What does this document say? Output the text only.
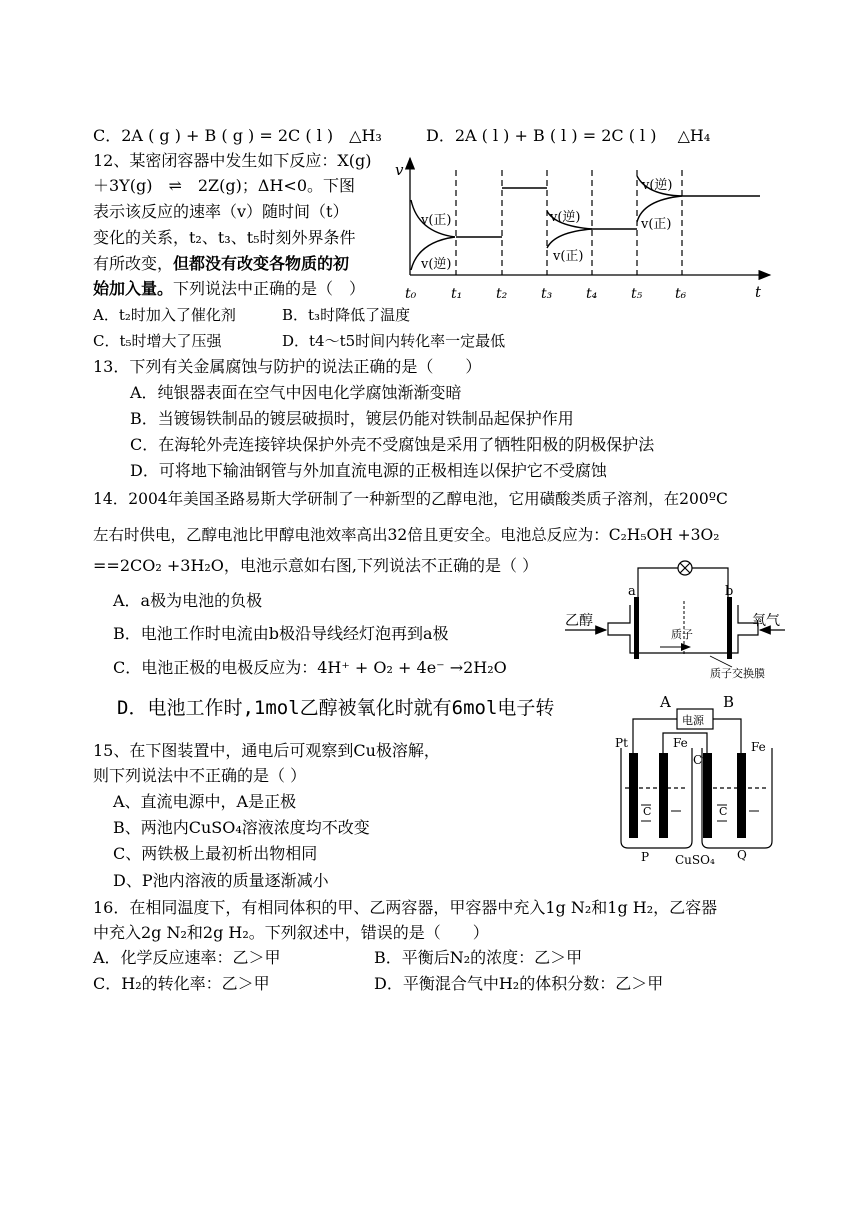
C．2A ( g ) + B ( g ) = 2C ( l )　△H₃	D．2A ( l ) + B ( l ) = 2C ( l )　 △H₄
12、某密闭容器中发生如下反应：X(g)
＋3Y(g)　⇌　2Z(g)；ΔH<0。下图
表示该反应的速率（v）随时间（t）
变化的关系，t₂、t₃、t₅时刻外界条件
有所改变，但都没有改变各物质的初
始加入量。下列说法中正确的是（　）
v
t
v(正)
v(逆)
v(逆)
v(正)
v(逆)
v(正)
t₀ t₁ t₂ t₃ t₄ t₅ t₆
A．t₂时加入了催化剂	B．t₃时降低了温度
C．t₅时增大了压强	D．t4～t5时间内转化率一定最低
13．下列有关金属腐蚀与防护的说法正确的是（　　）
A．纯银器表面在空气中因电化学腐蚀渐渐变暗
B．当镀锡铁制品的镀层破损时，镀层仍能对铁制品起保护作用
C．在海轮外壳连接锌块保护外壳不受腐蚀是采用了牺牲阳极的阴极保护法
D．可将地下输油钢管与外加直流电源的正极相连以保护它不受腐蚀
14．2004年美国圣路易斯大学研制了一种新型的乙醇电池，它用磺酸类质子溶剂，在200ºC
左右时供电，乙醇电池比甲醇电池效率高出32倍且更安全。电池总反应为：C₂H₅OH +3O₂
==2CO₂ +3H₂O，电池示意如右图,下列说法不正确的是（ ）
A．a极为电池的负极
B．电池工作时电流由b极沿导线经灯泡再到a极
C．电池正极的电极反应为：4H⁺ + O₂ + 4e⁻ →2H₂O
a	b
乙醇	氧气
质子
质子交换膜
D．电池工作时,1mol乙醇被氧化时就有6mol电子转
15、在下图装置中，通电后可观察到Cu极溶解，
则下列说法中不正确的是（ ）
A、直流电源中，A是正极
B、两池内CuSO₄溶液浓度均不改变
C、两铁极上最初析出物相同
D、P池内溶液的质量逐渐减小
A	B
电源
Pt	Fe
Cu
Fe
C	C
P	Q
CuSO₄
16．在相同温度下，有相同体积的甲、乙两容器，甲容器中充入1g N₂和1g H₂，乙容器
中充入2g N₂和2g H₂。下列叙述中，错误的是（　　）
A．化学反应速率：乙＞甲	B．平衡后N₂的浓度：乙＞甲
C．H₂的转化率：乙＞甲	D．平衡混合气中H₂的体积分数：乙＞甲
